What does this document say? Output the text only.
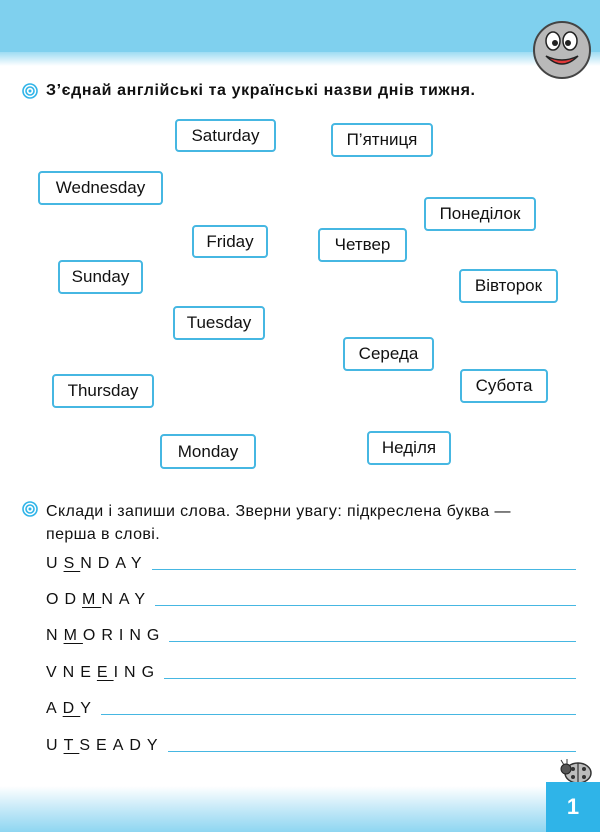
З’єднай англійські та українські назви днів тижня.
Saturday
Wednesday
Friday
Sunday
Tuesday
Thursday
Monday
П’ятниця
Понеділок
Четвер
Вівторок
Середа
Субота
Неділя
Склади і запиши слова. Зверни увагу: підкреслена буква —
перша в слові.
USNDAY
ODMNAY
NMORING
VNEEING
ADY
UTSEADY
1
